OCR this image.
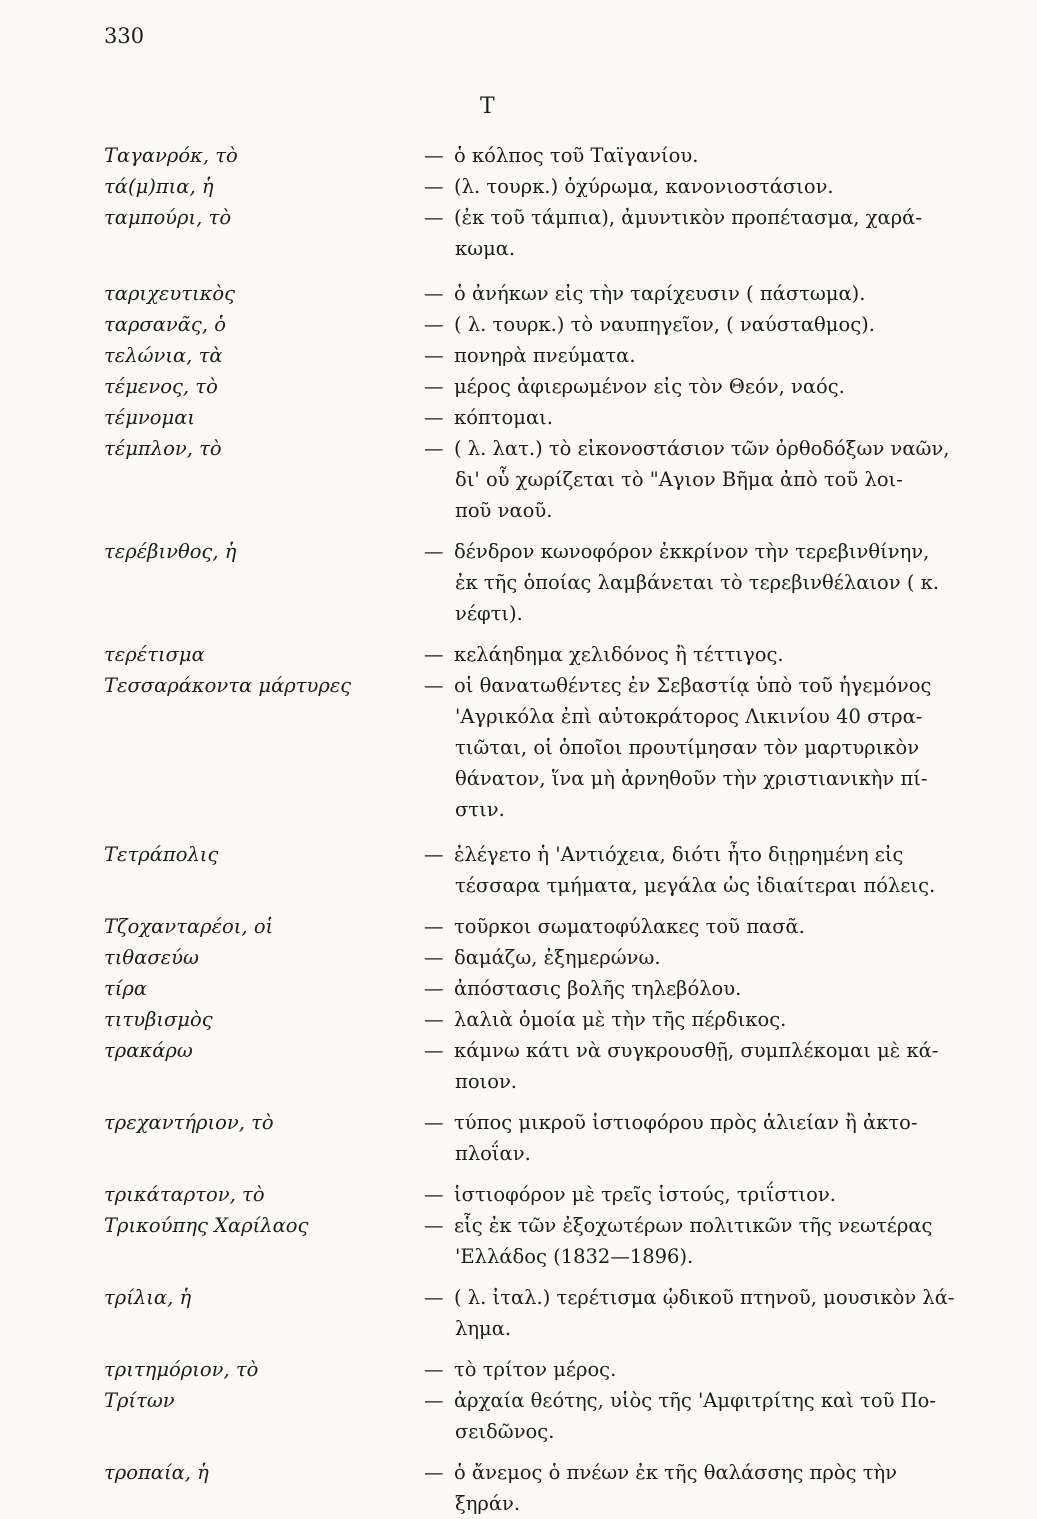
330
Τ
Ταγανρόκ, τὸ	— ὁ κόλπος τοῦ Ταϊγανίου.
τά(μ)πια, ἡ	— (λ. τουρκ.) ὀχύρωμα, κανονιοστάσιον.
ταμπούρι, τὸ	— (ἐκ τοῦ τάμπια), ἀμυντικὸν προπέτασμα, χαρά-
κωμα.
ταριχευτικὸς	— ὁ ἀνήκων εἰς τὴν ταρίχευσιν ( πάστωμα).
ταρσανᾶς, ὁ	— ( λ. τουρκ.) τὸ ναυπηγεῖον, ( ναύσταθμος).
τελώνια, τὰ	— πονηρὰ πνεύματα.
τέμενος, τὸ	— μέρος ἀφιερωμένον εἰς τὸν Θεόν, ναός.
τέμνομαι	— κόπτομαι.
τέμπλον, τὸ	— ( λ. λατ.) τὸ εἰκονοστάσιον τῶν ὀρθοδόξων ναῶν,
δι' οὗ χωρίζεται τὸ "Αγιον Βῆμα ἀπὸ τοῦ λοι-
ποῦ ναοῦ.
τερέβινθος, ἡ	— δένδρον κωνοφόρον ἐκκρίνον τὴν τερεβινθίνην,
ἐκ τῆς ὁποίας λαμβάνεται τὸ τερεβινθέλαιον ( κ.
νέφτι).
τερέτισμα	— κελάηδημα χελιδόνος ἢ τέττιγος.
Τεσσαράκοντα μάρτυρες	— οἱ θανατωθέντες ἐν Σεβαστίᾳ ὑπὸ τοῦ ἡγεμόνος
'Αγρικόλα ἐπὶ αὐτοκράτορος Λικινίου 40 στρα-
τιῶται, οἱ ὁποῖοι προυτίμησαν τὸν μαρτυρικὸν
θάνατον, ἵνα μὴ ἀρνηθοῦν τὴν χριστιανικὴν πί-
στιν.
Τετράπολις	— ἐλέγετο ἡ 'Αντιόχεια, διότι ἦτο διῃρημένη εἰς
τέσσαρα τμήματα, μεγάλα ὡς ἰδιαίτεραι πόλεις.
Τζοχανταρέοι, οἱ	— τοῦρκοι σωματοφύλακες τοῦ πασᾶ.
τιθασεύω	— δαμάζω, ἐξημερώνω.
τίρα	— ἀπόστασις βολῆς τηλεβόλου.
τιτυβισμὸς	— λαλιὰ ὁμοία μὲ τὴν τῆς πέρδικος.
τρακάρω	— κάμνω κάτι νὰ συγκρουσθῇ, συμπλέκομαι μὲ κά-
ποιον.
τρεχαντήριον, τὸ	— τύπος μικροῦ ἱστιοφόρου πρὸς ἁλιείαν ἢ ἀκτο-
πλοΐαν.
τρικάταρτον, τὸ	— ἱστιοφόρον μὲ τρεῖς ἱστούς, τριΐστιον.
Τρικούπης Χαρίλαος	— εἷς ἐκ τῶν ἐξοχωτέρων πολιτικῶν τῆς νεωτέρας
'Ελλάδος (1832—1896).
τρίλια, ἡ	— ( λ. ἰταλ.) τερέτισμα ᾠδικοῦ πτηνοῦ, μουσικὸν λά-
λημα.
τριτημόριον, τὸ	— τὸ τρίτον μέρος.
Τρίτων	— ἀρχαία θεότης, υἱὸς τῆς 'Αμφιτρίτης καὶ τοῦ Πο-
σειδῶνος.
τροπαία, ἡ	— ὁ ἄνεμος ὁ πνέων ἐκ τῆς θαλάσσης πρὸς τὴν
ξηράν.
